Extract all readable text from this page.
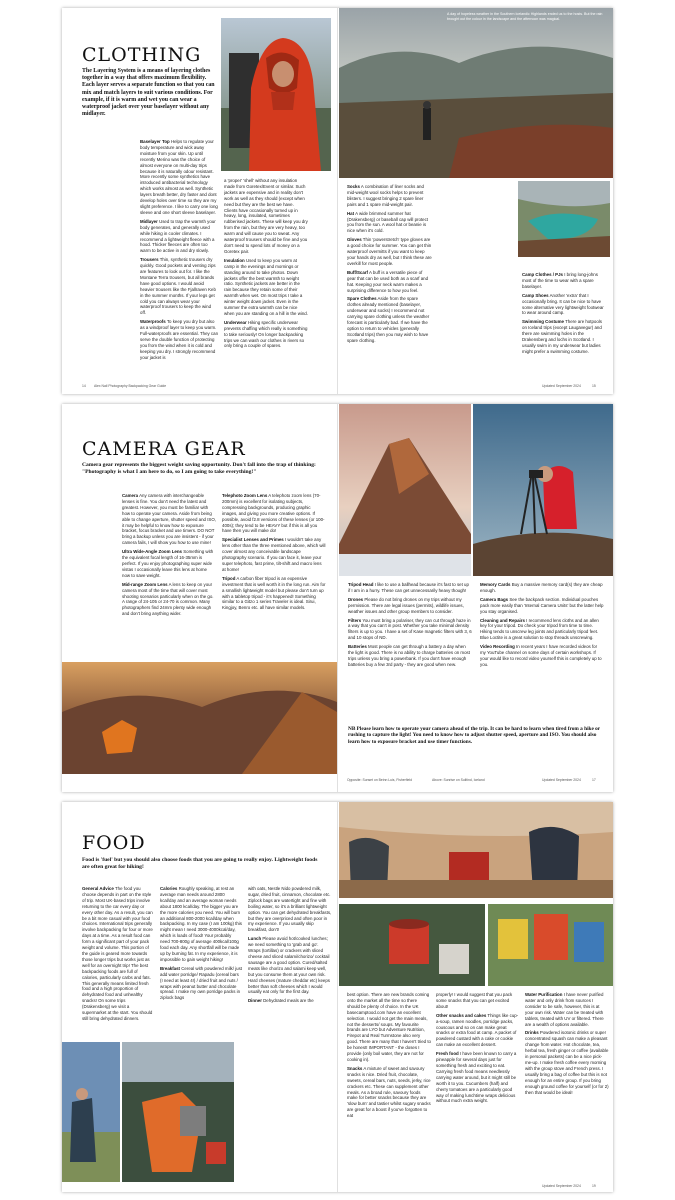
CLOTHING
The Layering System is a means of layering clothes together in a way that offers maximum flexibility. Each layer serves a separate function so that you can mix and match layers to suit various conditions. For example, if it is warm and wet you can wear a waterproof jacket over your baselayer without any midlayer.
A day of hopeless weather in the Southern Icelandic Highlands ended us to the hosts. But the rain brought out the colour in the landscape and the afternoon was magical.

Baselayer Top Helps to regulate your body temperature and wick away moisture from your skin. Up until recently Merino was the choice of almost everyone on multi-day trips because it is naturally odour resistant. More recently some synthetics have introduced antibacterial technology which works almost as well. Synthetic layers breath better, dry faster and dont develop holes over time so they are my slight preference. I like to carry one long sleeve and one short sleeve baselayer.

Midlayer Used to trap the warmth your body generates, and generally used while hiking in cooler climates. I recommend a lightweight fleece with a hood. Thicker fleeces are often too warm to be active in and dry slowly.

Trousers Thin, synthetic trousers dry quickly. Good pockets and venting zips are features to look out for. I like the Montane Terra trousers, but all brands have good options. I would avoid heavier trousers like the Fjallraven Keb in the summer months. If your legs get cold you can always wear your waterproof trousers to keep the wind off.

Waterproofs To keep you dry but also as a windproof layer to keep you warm. Full-waterproofs are essential. They can serve the double function of protecting you from the wind when it is cold and keeping you dry. I strongly recommend your jacket is

a 'proper' 'shell' without any insulation made from Goretex/Event or similar. Such jackets are expensive and in reality don't work as well as they should (except when need but they are the best we have. Clients have occasionally turned up in heavy, long, insulated, sometimes rubberised jackets. These will keep you dry from the rain, but they are very heavy, too warm and will cause you to sweat. Any waterproof trousers should be fine and you don't need to spend lots of money on a Goretex pair.

Insulation Used to keep you warm at camp in the evenings and mornings or standing around to take photos. Down jackets offer the best warmth to weight ratio. Synthetic jackets are better in the rain because they retain some of their warmth when wet. On most trips I take a winter weight down jacket. Even in the summer the extra warmth can be nice when you are standing on a hill in the wind.

Underwear Hiking specific underwear prevents chaffing which really is something to take seriously! On longer backpacking trips we can wash our clothes in rivers so only bring a couple of spares.

Socks A combination of liner socks and mid-weight wool socks helps to prevent blisters. I suggest bringing 2 spare liner pairs and 1 spare mid-weight pair.

Hat A wide brimmed summer hat (Drakensberg) or baseball cap will protect you from the sun. A wool hat or beanie is nice when it's cold.

Gloves Thin 'powerstretch' type gloves are a good choice for summer. You can get thin waterproof overmitts if you want to keep your hands dry as well, but I think these are overkill for most people.

Buff/Scarf A buff is a versatile piece of gear that can be used both as a scarf and hat. Keeping your neck warm makes a surprising difference to how you feel.

Spare Clothes Aside from the spare clothes already mentioned (baselayer, underwear and socks) I recommend not carrying spare clothing unless the weather forecast is particularly bad. If we have the option to return to vehicles (generally Scotland trips) then you may wish to have spare clothing.

Camp Clothes / PJs I bring long-johns most of the time to wear with a spare baselayer.

Camp Shoes Another 'extra' that I occasionally bring. It can be nice to have some alternative very lightweight footwear to wear around camp.

Swimming Costume There are hotpools on Iceland trips (except Laugavegur) and there are swimming holes in the Drakensberg and lochs in Scotland. I usually swim in my underwear but ladies might prefer a swimming costume.

14 Alex Nail Photography Backpacking Gear Guide	Updated September 2024	15
CAMERA GEAR
Camera gear represents the biggest weight saving opportunity. Don't fall into the trap of thinking: "Photography is what I am here to do, so I am going to take everything!"

Camera Any camera with interchangeable lenses is fine. You don't need the latest and greatest. However, you must be familiar with how to operate your camera. Aside from being able to change aperture, shutter speed and ISO, it may be helpful to know how to exposure bracket, focus bracket and use timers. DO NOT bring a backup unless you are insistent - if your camera fails, I will show you how to use mine!

Ultra Wide-Angle Zoom Lens Something with the equivalent focal length of 16-35mm is perfect. If you enjoy photographing super wide vistas I occasionally leave this lens at home now to save weight.

Mid-range Zoom Lens A lens to keep on your camera most of the time that will cover most shooting scenarios particularly when on the go. A range of 24-105 or 24-70 is common. Many photographers find 24mm plenty wide enough and don't bring anything wider.

Telephoto Zoom Lens A telephoto zoom lens (70-200mm) is excellent for isolating subjects, compressing backgrounds, producing graphic images, and giving you more creative options. If possible, avoid f2.8 versions of these lenses (or 100-400s); they tend to be HEAVY but if this is all you have then you will make do!

Specialist Lenses and Primes I wouldn't take any lens other than the three mentioned above, which will cover almost any conceivable landscape photography scenario. If you can face it, leave your super telephoto, fast prime, tilt-shift and macro lens at home!

Tripod A carbon fiber tripod is an expensive investment that is well worth it in the long run. Aim for a smallish lightweight model but please don't turn up with a tabletop tripod - it's happened! Something similar to a Gitzo 1 series Traveler is ideal. Sirui, Kingjoy, Benro etc. all have similar models.

Tripod Head I like to use a ballhead because it's fast to set up if I am in a hurry. These can get unnecessarily heavy though!

Drones Please do not bring drones on my trips without my permission. There are legal issues (permits), wildlife issues, weather issues and other group members to consider.

Filters You must bring a polariser, they can cut through haze in a way that you can't in post. Whether you take minimal density filters is up to you. I have a set of Kase magnetic filters with 3, 6 and 10 stops of ND.

Batteries Most people can get through a battery a day when the light is good. There is no ability to charge batteries on most trips unless you bring a powerbank. If you don't have enough batteries buy a few 3rd party - they are good when new.

Memory Cards Buy a massive memory card(s) they are cheap enough.

Camera Bags See the backpack section. Individual pouches pack more easily than 'Internal Camera Units' but the latter help you stay organised.

Cleaning and Repairs I recommend lens cloths and an allen key for your tripod. Do check your tripod from time to time. Hiking tends to unscrew leg joints and particularly tripod feet. Blue Loctite is a great solution to stop threads unscrewing.

Video Recording In recent years I have recorded videos for my YouTube channel on some days of certain workshops. If your would like to record video yourself this is completely up to you.

NB Please learn how to operate your camera ahead of the trip. It can be hard to learn when tired from a hike or rushing to capture the light! You need to know how to adjust shutter speed, aperture and ISO. You should also learn how to exposure bracket and use timer functions.
Opposite: Sunset on Beinn Luis, Fisherfield	Above: Sunrise on Sulitind, Iceland	Updated September 2024	17
FOOD
Food is 'fuel' but you should also choose foods that you are going to really enjoy. Lightweight foods are often great for hiking!

General Advice The food you choose depends in part on the style of trip. Most UK-based trips involve returning to the car every day or every other day. As a result, you can be a bit more casual with your food choices. International trips generally involve backpacking for four or more days at a time. As a result food can form a significant part of your pack weight and volume. This portion of the guide is geared more towards those longer trips but works just as well for an overnight trip! The best backpacking foods are full of calories, particularly carbs and fats. This generally means limited fresh food and a high proportion of dehydrated food and unhealthy snacks! On some trips (Drakensberg) we visit a supermarket at the start. You should still bring dehydrated dinners.

Calories Roughly speaking, at rest an average man needs around 2800 kcal/day and an average woman needs about 1800 kcal/day. The bigger you are the more calories you need. You will burn an additional 800-2000 kcal/day when backpacking. In my case (I am 100kg) this might mean I need 3000-4000kcal/day, which is loads of food! Your probably need 700-800g of average 400kcal/100g food each day. Any shortfall will be made up by burning fat. In my experience, it is impossible to gain weight hiking!

Breakfast Cereal with powdered milk/ just add water porridge/ Rapadu (cereal bars (I need at least 4!) / dried fruit and nuts / wraps with peanut butter and chocolate spread. I make my own porridge packs in ziplock bags

with oats, Nestle Nido powdered milk, sugar, dried fruit, cinnamon, chocolate etc. Ziplock bags are watertight and fine with boiling water, so it's a brilliant lightweight option. You can get dehydrated breakfasts, but they are overpriced and often poor in my experience. If you usually skip breakfast, don't!

Lunch Please avoid hot/cooked lunches; we need something to 'grab and go'. Wraps (tortillas) or crackers with sliced cheese and sliced salami/chorizo/ cocktail sausage are a good option. Cured/salted meats like chorizo and salami keep well, but you consume them at your own risk. Hard cheeses (mature cheddar etc) keeps better than soft cheeses which I would usually eat only for the first day.

Dinner Dehydrated meals are the

best option. There are new brands coming onto the market all the time so there should be plenty of choice. In the UK basecamptood.com have an excellent selection. I would not get the main meals, not the desserts/ soups. My favourite brands are LYO but Adventure Nutrition, Firepot and Real Turmstone also very good. There are many that I haven't tried to be honest! IMPORTANT - the doses I provide (only boil water, they are not for cooking in).

Snacks A mixture of sweet and savoury snacks is nice. Dried fruit, chocolate, sweets, cereal bars, nuts, seeds, jerky, rice crackers etc. These can supplement other meals. As a broad rule, savoury foods make for better snacks because they are 'slow burn' and tastier whilst sugary snacks are great for a boost if you've forgotten to eat

properly! I would suggest that you pack some snacks that you can get excited about!

Other snacks and cakes Things like cup-a-soup, ramen noodles, porridge packs, couscous and so on can make great snacks or extra food at camp. A packet of powdered custard with a cake or cookie can make an excellent dessert.

Fresh food I have been known to carry a pineapple for several days just for something fresh and exciting to eat. Carrying fresh food means needlessly carrying water around, but it might still be worth it to you. Cucumbers (half) and cherry tomatoes are a particularly good way of making lunchtime wraps delicious without much extra weight.

Water Purification I have never purified water and only drink from sources I consider to be safe, however, this is at your own risk. Water can be treated with tablets, treated with UV or filtered. There are a wealth of options available.

Drinks Powdered isotonic drinks or super concentrated squash can make a pleasant change from water. Hot chocolate, tea, herbal tea, fresh ginger or coffee (available in personal packets) can be a nice pick-me-up. I make fresh coffee every morning with the group stove and French press. I usually bring a bag of coffee but this is not enough for an entire group. If you bring enough ground coffee for yourself (or for 2) then that would be ideal!

Updated September 2024	19
